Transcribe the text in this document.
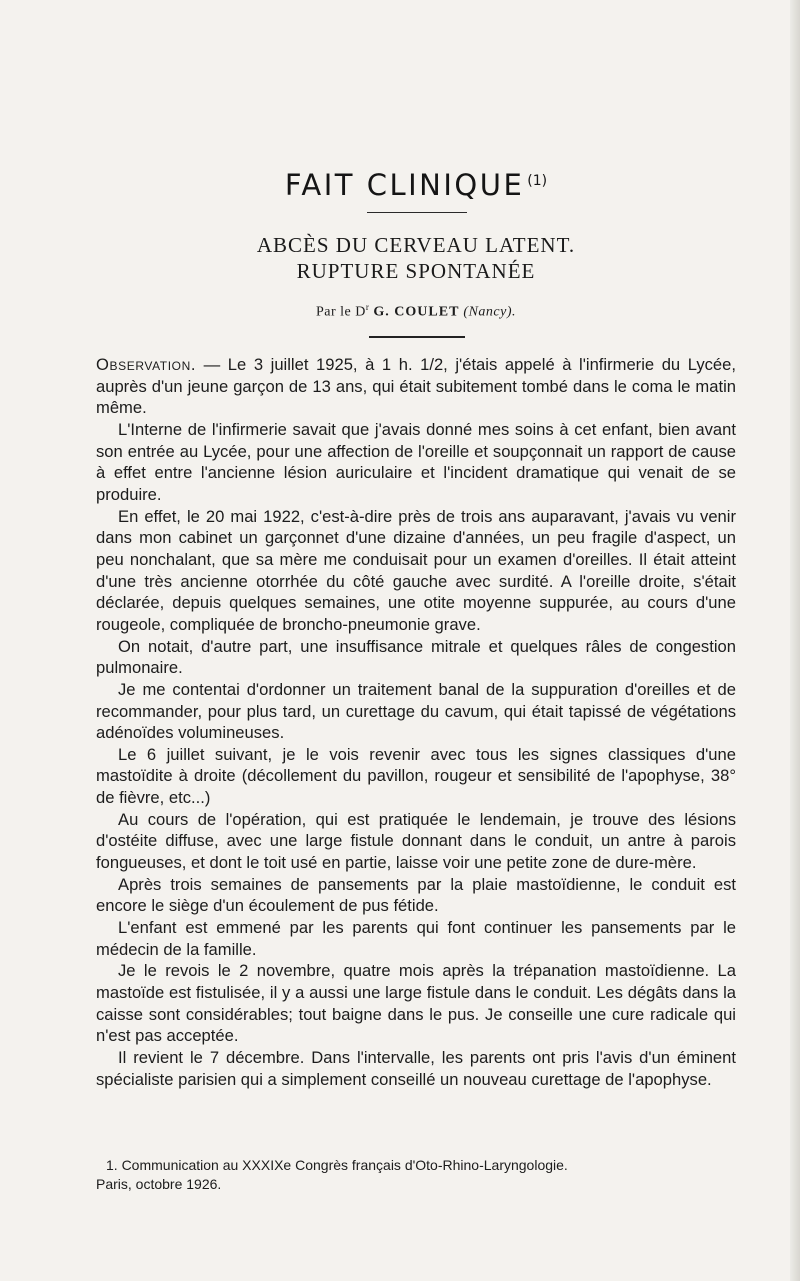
FAIT CLINIQUE $^{(1)}$
ABCÈS DU CERVEAU LATENT.
RUPTURE SPONTANÉE
Par le $D^r$ G. COULET (Nancy).

Observation. — Le 3 juillet 1925, à 1 h. 1/2, j'étais appelé à l'infirmerie du Lycée, auprès d'un jeune garçon de 13 ans, qui était subitement tombé dans le coma le matin même.

L'Interne de l'infirmerie savait que j'avais donné mes soins à cet enfant, bien avant son entrée au Lycée, pour une affection de l'oreille et soupçonnait un rapport de cause à effet entre l'ancienne lésion auriculaire et l'incident dramatique qui venait de se produire.

En effet, le 20 mai 1922, c'est-à-dire près de trois ans auparavant, j'avais vu venir dans mon cabinet un garçonnet d'une dizaine d'années, un peu fragile d'aspect, un peu nonchalant, que sa mère me conduisait pour un examen d'oreilles. Il était atteint d'une très ancienne otorrhée du côté gauche avec surdité. A l'oreille droite, s'était déclarée, depuis quelques semaines, une otite moyenne suppurée, au cours d'une rougeole, compliquée de broncho-pneumonie grave.

On notait, d'autre part, une insuffisance mitrale et quelques râles de congestion pulmonaire.

Je me contentai d'ordonner un traitement banal de la suppuration d'oreilles et de recommander, pour plus tard, un curettage du cavum, qui était tapissé de végétations adénoïdes volumineuses.

Le 6 juillet suivant, je le vois revenir avec tous les signes classiques d'une mastoïdite à droite (décollement du pavillon, rougeur et sensibilité de l'apophyse, 38° de fièvre, etc...)

Au cours de l'opération, qui est pratiquée le lendemain, je trouve des lésions d'ostéite diffuse, avec une large fistule donnant dans le conduit, un antre à parois fongueuses, et dont le toit usé en partie, laisse voir une petite zone de dure-mère.

Après trois semaines de pansements par la plaie mastoïdienne, le conduit est encore le siège d'un écoulement de pus fétide.

L'enfant est emmené par les parents qui font continuer les pansements par le médecin de la famille.

Je le revois le 2 novembre, quatre mois après la trépanation mastoïdienne. La mastoïde est fistulisée, il y a aussi une large fistule dans le conduit. Les dégâts dans la caisse sont considérables; tout baigne dans le pus. Je conseille une cure radicale qui n'est pas acceptée.

Il revient le 7 décembre. Dans l'intervalle, les parents ont pris l'avis d'un éminent spécialiste parisien qui a simplement conseillé un nouveau curettage de l'apophyse.

1. Communication au XXXIXe Congrès français d'Oto-Rhino-Laryngologie.
Paris, octobre 1926.
